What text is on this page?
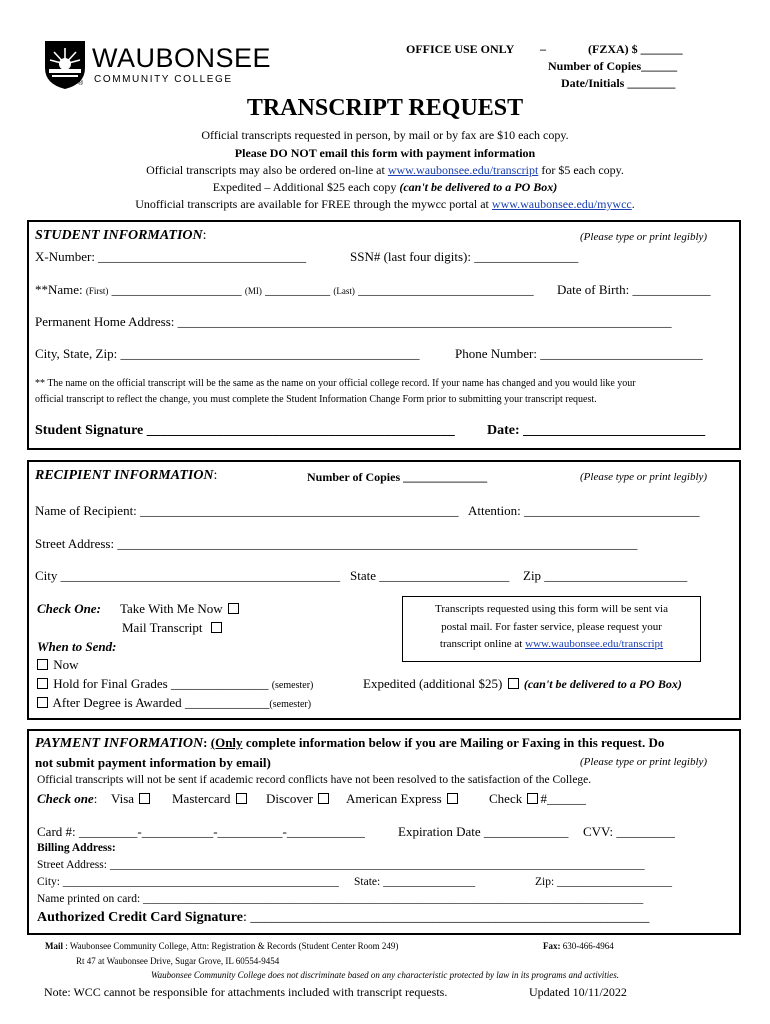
WAUBONSEE
COMMUNITY COLLEGE
®
OFFICE USE ONLY –	(FZXA) $ _______
Number of Copies______
Date/Initials ________
TRANSCRIPT REQUEST
Official transcripts requested in person, by mail or by fax are $10 each copy.
Please DO NOT email this form with payment information
Official transcripts may also be ordered on-line at www.waubonsee.edu/transcript for $5 each copy.
Expedited – Additional $25 each copy (can't be delivered to a PO Box)
Unofficial transcripts are available for FREE through the mywcc portal at www.waubonsee.edu/mywcc.
STUDENT INFORMATION:	(Please type or print legibly)
X-Number: ________________________________	SSN# (last four digits): ________________
**Name: (First) ____________________ (MI) __________ (Last) ___________________________ Date of Birth: ____________
Permanent Home Address: ____________________________________________________________________________
City, State, Zip: ______________________________________________	Phone Number: _________________________
** The name on the official transcript will be the same as the name on your official college record. If your name has changed and you would like your
official transcript to reflect the change, you must complete the Student Information Change Form prior to submitting your transcript request.
Student Signature ____________________________________________ Date: __________________________
RECIPIENT INFORMATION:	Number of Copies ______________	(Please type or print legibly)
Name of Recipient: _________________________________________________ Attention: ___________________________
Street Address: ________________________________________________________________________________
City ___________________________________________ State ____________________ Zip ______________________
Check One: Take With Me Now
Mail Transcript
When to Send:
Now
Hold for Final Grades _______________ (semester)
After Degree is Awarded _____________(semester)
Transcripts requested using this form will be sent via
postal mail. For faster service, please request your
transcript online at www.waubonsee.edu/transcript
Expedited (additional $25) (can't be delivered to a PO Box)
PAYMENT INFORMATION: (Only complete information below if you are Mailing or Faxing in this request. Do
not submit payment information by email)	(Please type or print legibly)
Official transcripts will not be sent if academic record conflicts have not been resolved to the satisfaction of the College.
Check one: Visa	Mastercard	Discover	American Express	Check #______
Card #: _________-___________-__________-____________	Expiration Date _____________ CVV: _________
Billing Address:
Street Address: _____________________________________________________________________________________________
City: ________________________________________________ State: ________________	Zip: ____________________
Name printed on card: _______________________________________________________________________________________
Authorized Credit Card Signature: _________________________________________________________
Mail : Waubonsee Community College, Attn: Registration & Records (Student Center Room 249)	Fax: 630-466-4964
Rt 47 at Waubonsee Drive, Sugar Grove, IL 60554-9454
Waubonsee Community College does not discriminate based on any characteristic protected by law in its programs and activities.
Note: WCC cannot be responsible for attachments included with transcript requests.	Updated 10/11/2022
